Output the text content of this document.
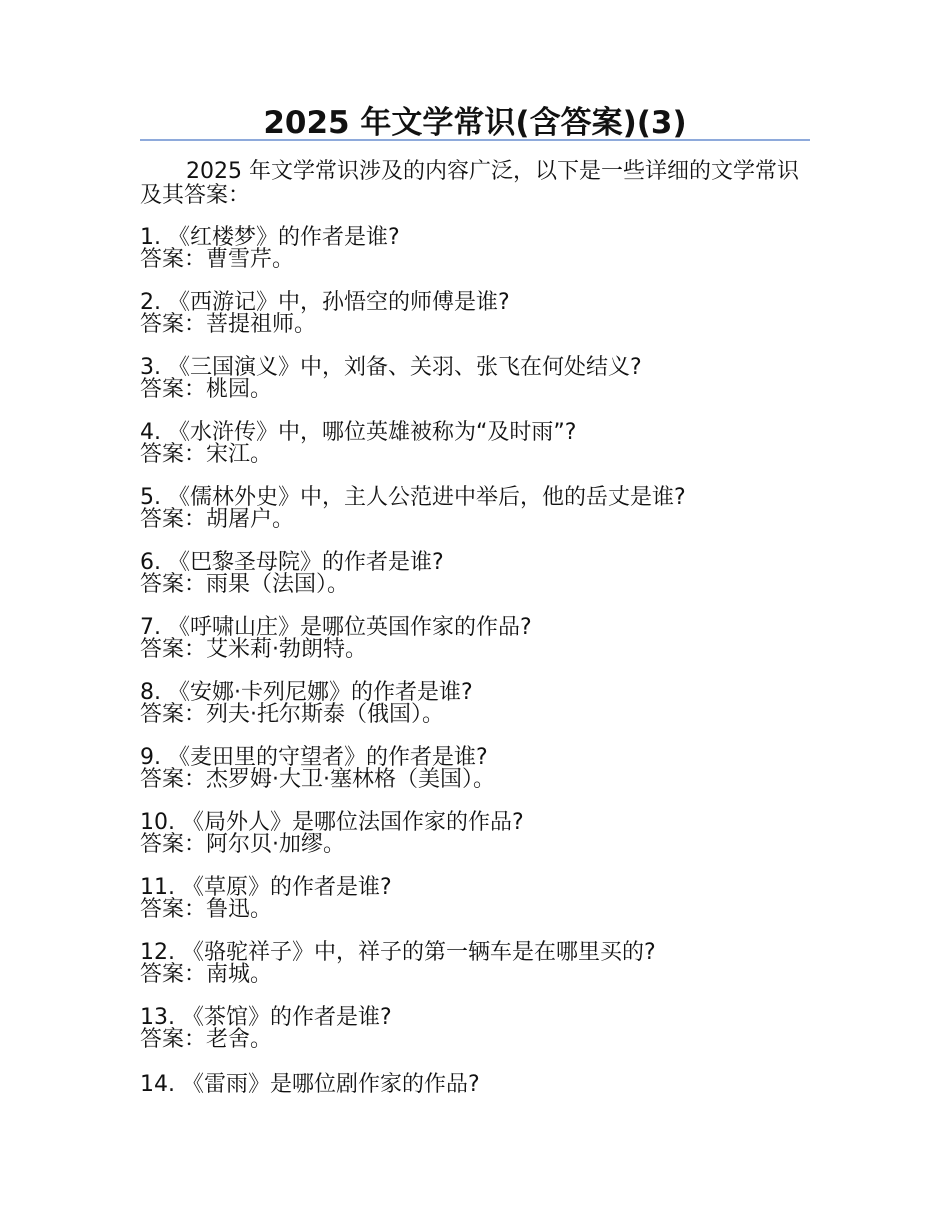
2025 年文学常识(含答案)(3)
2025 年文学常识涉及的内容广泛，以下是一些详细的文学常识及其答案：
1. 《红楼梦》的作者是谁?
答案：曹雪芹。
2. 《西游记》中，孙悟空的师傅是谁?
答案：菩提祖师。
3. 《三国演义》中，刘备、关羽、张飞在何处结义?
答案：桃园。
4. 《水浒传》中，哪位英雄被称为“及时雨”?
答案：宋江。
5. 《儒林外史》中，主人公范进中举后，他的岳丈是谁?
答案：胡屠户。
6. 《巴黎圣母院》的作者是谁?
答案：雨果（法国）。
7. 《呼啸山庄》是哪位英国作家的作品?
答案：艾米莉·勃朗特。
8. 《安娜·卡列尼娜》的作者是谁?
答案：列夫·托尔斯泰（俄国）。
9. 《麦田里的守望者》的作者是谁?
答案：杰罗姆·大卫·塞林格（美国）。
10. 《局外人》是哪位法国作家的作品?
答案：阿尔贝·加缪。
11. 《草原》的作者是谁?
答案：鲁迅。
12. 《骆驼祥子》中，祥子的第一辆车是在哪里买的?
答案：南城。
13. 《茶馆》的作者是谁?
答案：老舍。
14. 《雷雨》是哪位剧作家的作品?
